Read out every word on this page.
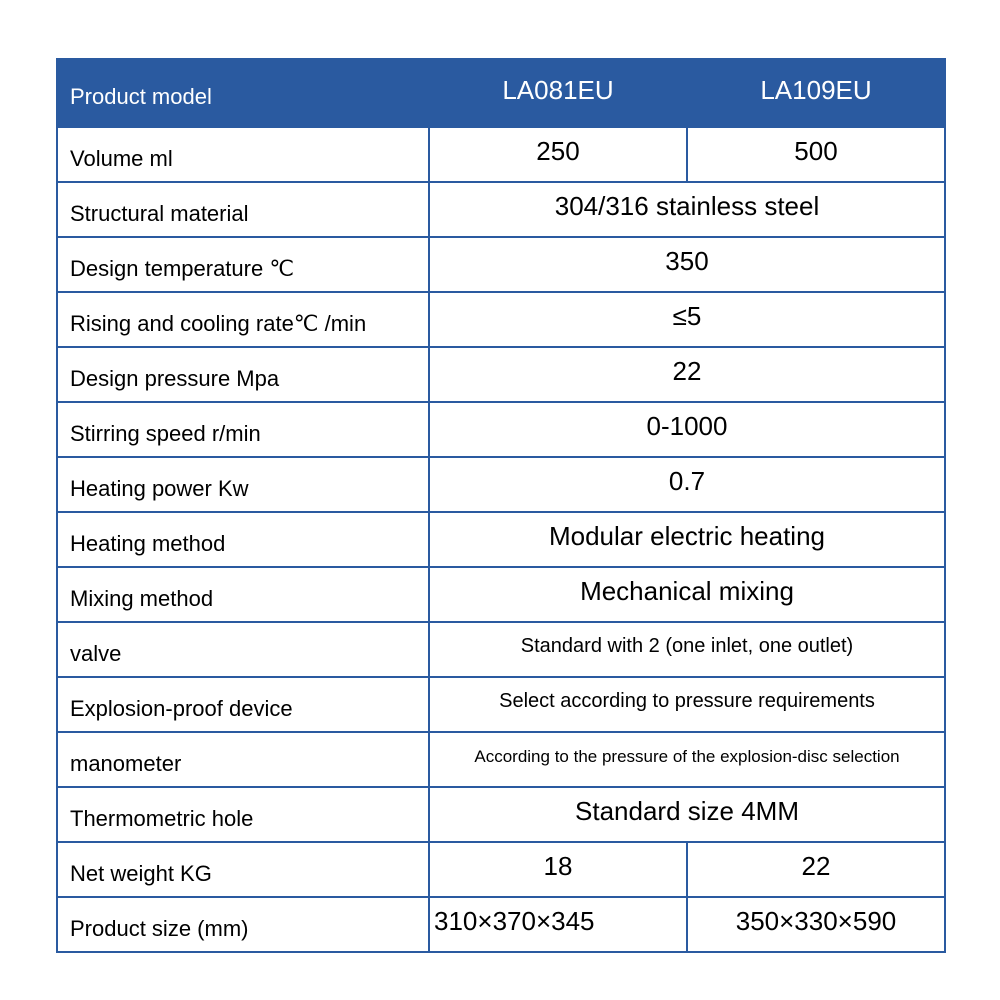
Product model	LA081EU	LA109EU

Volume ml	250	500

Structural material	304/316 stainless steel	

Design temperature ℃	350	

Rising and cooling rate℃ /min	≤5	

Design pressure Mpa	22	

Stirring speed r/min	0-1000	

Heating power Kw	0.7	

Heating method	Modular electric heating	

Mixing method	Mechanical mixing	

valve	Standard with 2 (one inlet, one outlet)	

Explosion-proof device	Select according to pressure requirements	

manometer	According to the pressure of the explosion-disc selection	

Thermometric hole	Standard size 4MM	

Net weight KG	18	22

Product size (mm)	310×370×345	350×330×590
